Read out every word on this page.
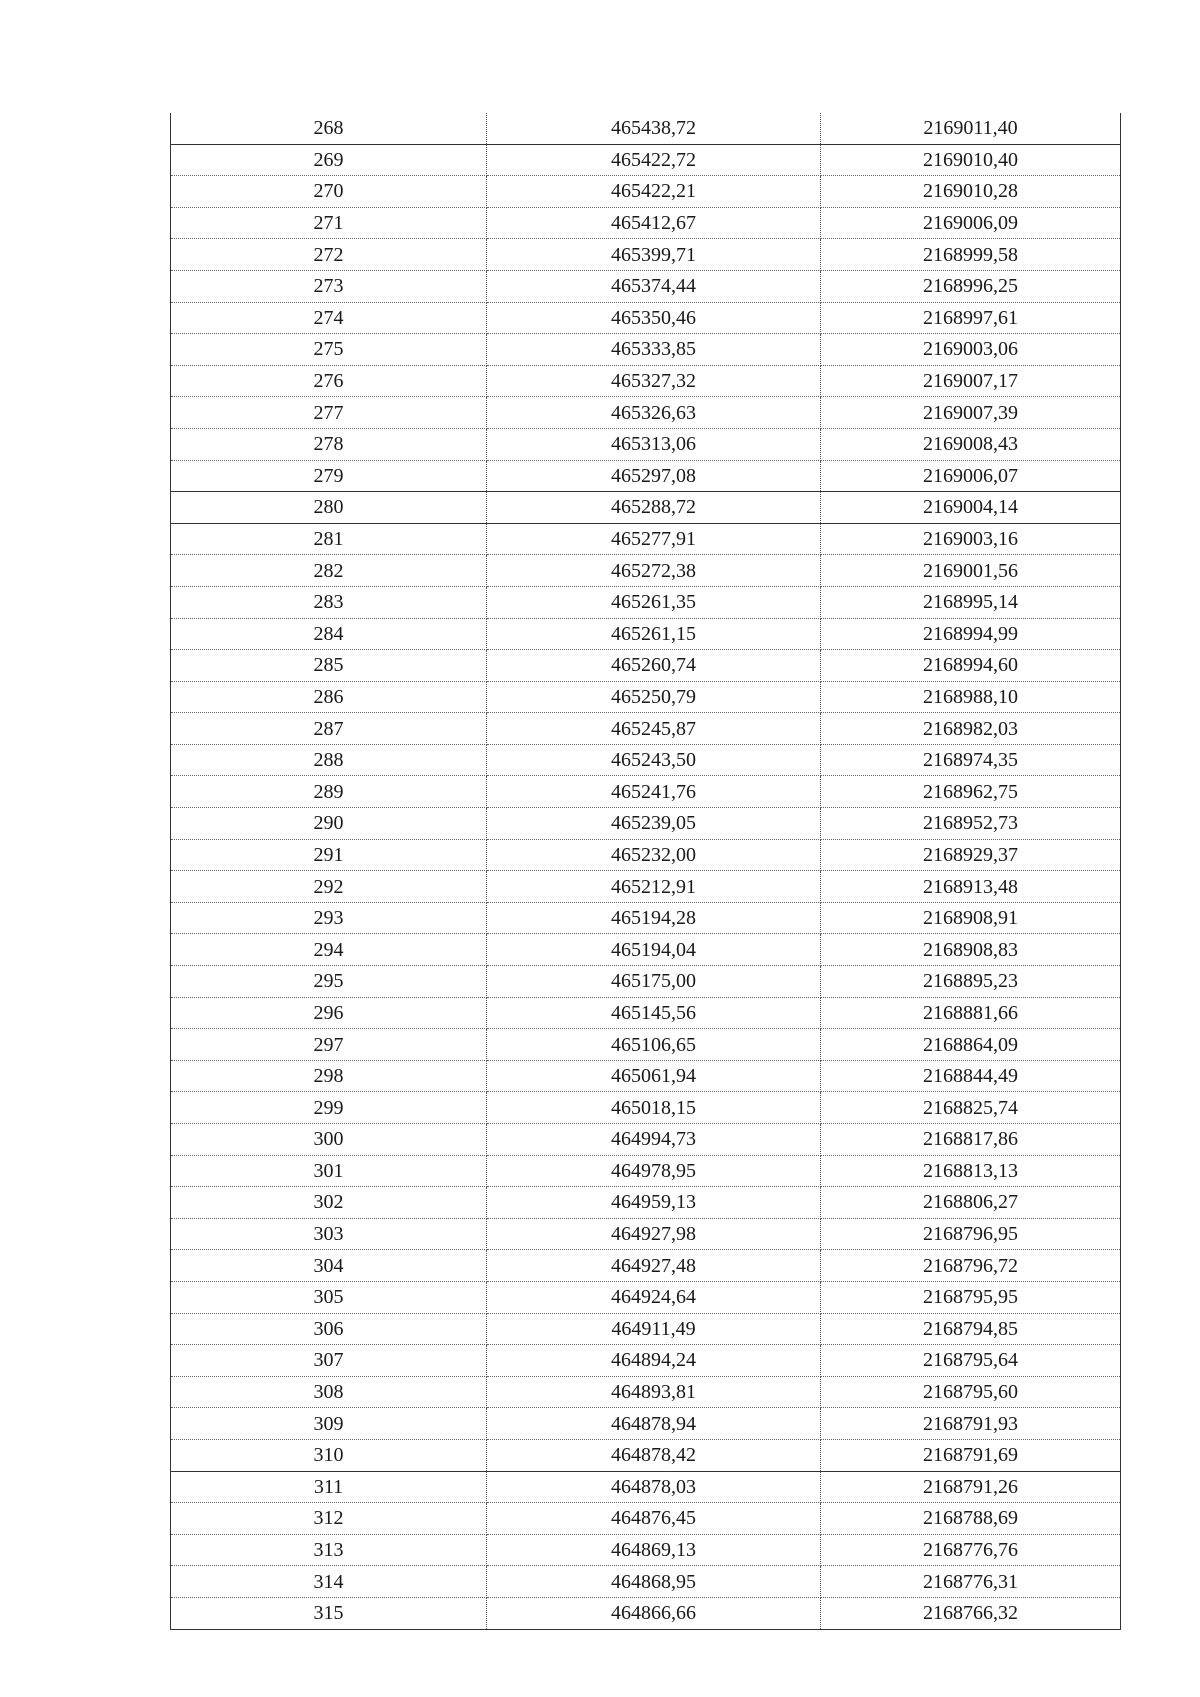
268	465438,72	2169011,40
269	465422,72	2169010,40
270	465422,21	2169010,28
271	465412,67	2169006,09
272	465399,71	2168999,58
273	465374,44	2168996,25
274	465350,46	2168997,61
275	465333,85	2169003,06
276	465327,32	2169007,17
277	465326,63	2169007,39
278	465313,06	2169008,43
279	465297,08	2169006,07
280	465288,72	2169004,14
281	465277,91	2169003,16
282	465272,38	2169001,56
283	465261,35	2168995,14
284	465261,15	2168994,99
285	465260,74	2168994,60
286	465250,79	2168988,10
287	465245,87	2168982,03
288	465243,50	2168974,35
289	465241,76	2168962,75
290	465239,05	2168952,73
291	465232,00	2168929,37
292	465212,91	2168913,48
293	465194,28	2168908,91
294	465194,04	2168908,83
295	465175,00	2168895,23
296	465145,56	2168881,66
297	465106,65	2168864,09
298	465061,94	2168844,49
299	465018,15	2168825,74
300	464994,73	2168817,86
301	464978,95	2168813,13
302	464959,13	2168806,27
303	464927,98	2168796,95
304	464927,48	2168796,72
305	464924,64	2168795,95
306	464911,49	2168794,85
307	464894,24	2168795,64
308	464893,81	2168795,60
309	464878,94	2168791,93
310	464878,42	2168791,69
311	464878,03	2168791,26
312	464876,45	2168788,69
313	464869,13	2168776,76
314	464868,95	2168776,31
315	464866,66	2168766,32
